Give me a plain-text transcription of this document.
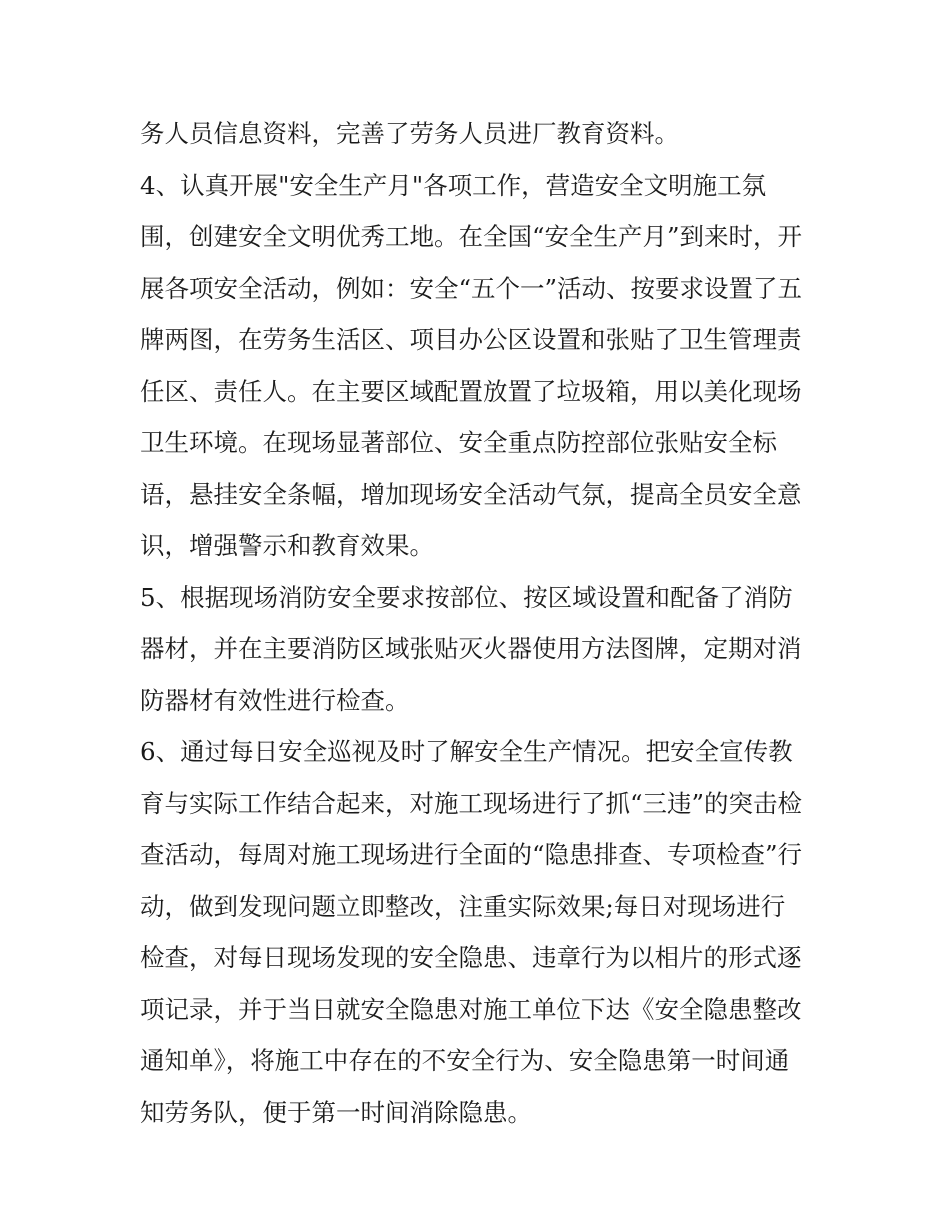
务人员信息资料，完善了劳务人员进厂教育资料。
4、认真开展"安全生产月"各项工作，营造安全文明施工氛
围，创建安全文明优秀工地。在全国“安全生产月”到来时，开
展各项安全活动，例如：安全“五个一”活动、按要求设置了五
牌两图，在劳务生活区、项目办公区设置和张贴了卫生管理责
任区、责任人。在主要区域配置放置了垃圾箱，用以美化现场
卫生环境。在现场显著部位、安全重点防控部位张贴安全标
语，悬挂安全条幅，增加现场安全活动气氛，提高全员安全意
识，增强警示和教育效果。
5、根据现场消防安全要求按部位、按区域设置和配备了消防
器材，并在主要消防区域张贴灭火器使用方法图牌，定期对消
防器材有效性进行检查。
6、通过每日安全巡视及时了解安全生产情况。把安全宣传教
育与实际工作结合起来，对施工现场进行了抓“三违”的突击检
查活动，每周对施工现场进行全面的“隐患排查、专项检查”行
动，做到发现问题立即整改，注重实际效果;每日对现场进行
检查，对每日现场发现的安全隐患、违章行为以相片的形式逐
项记录，并于当日就安全隐患对施工单位下达《安全隐患整改
通知单》，将施工中存在的不安全行为、安全隐患第一时间通
知劳务队，便于第一时间消除隐患。
